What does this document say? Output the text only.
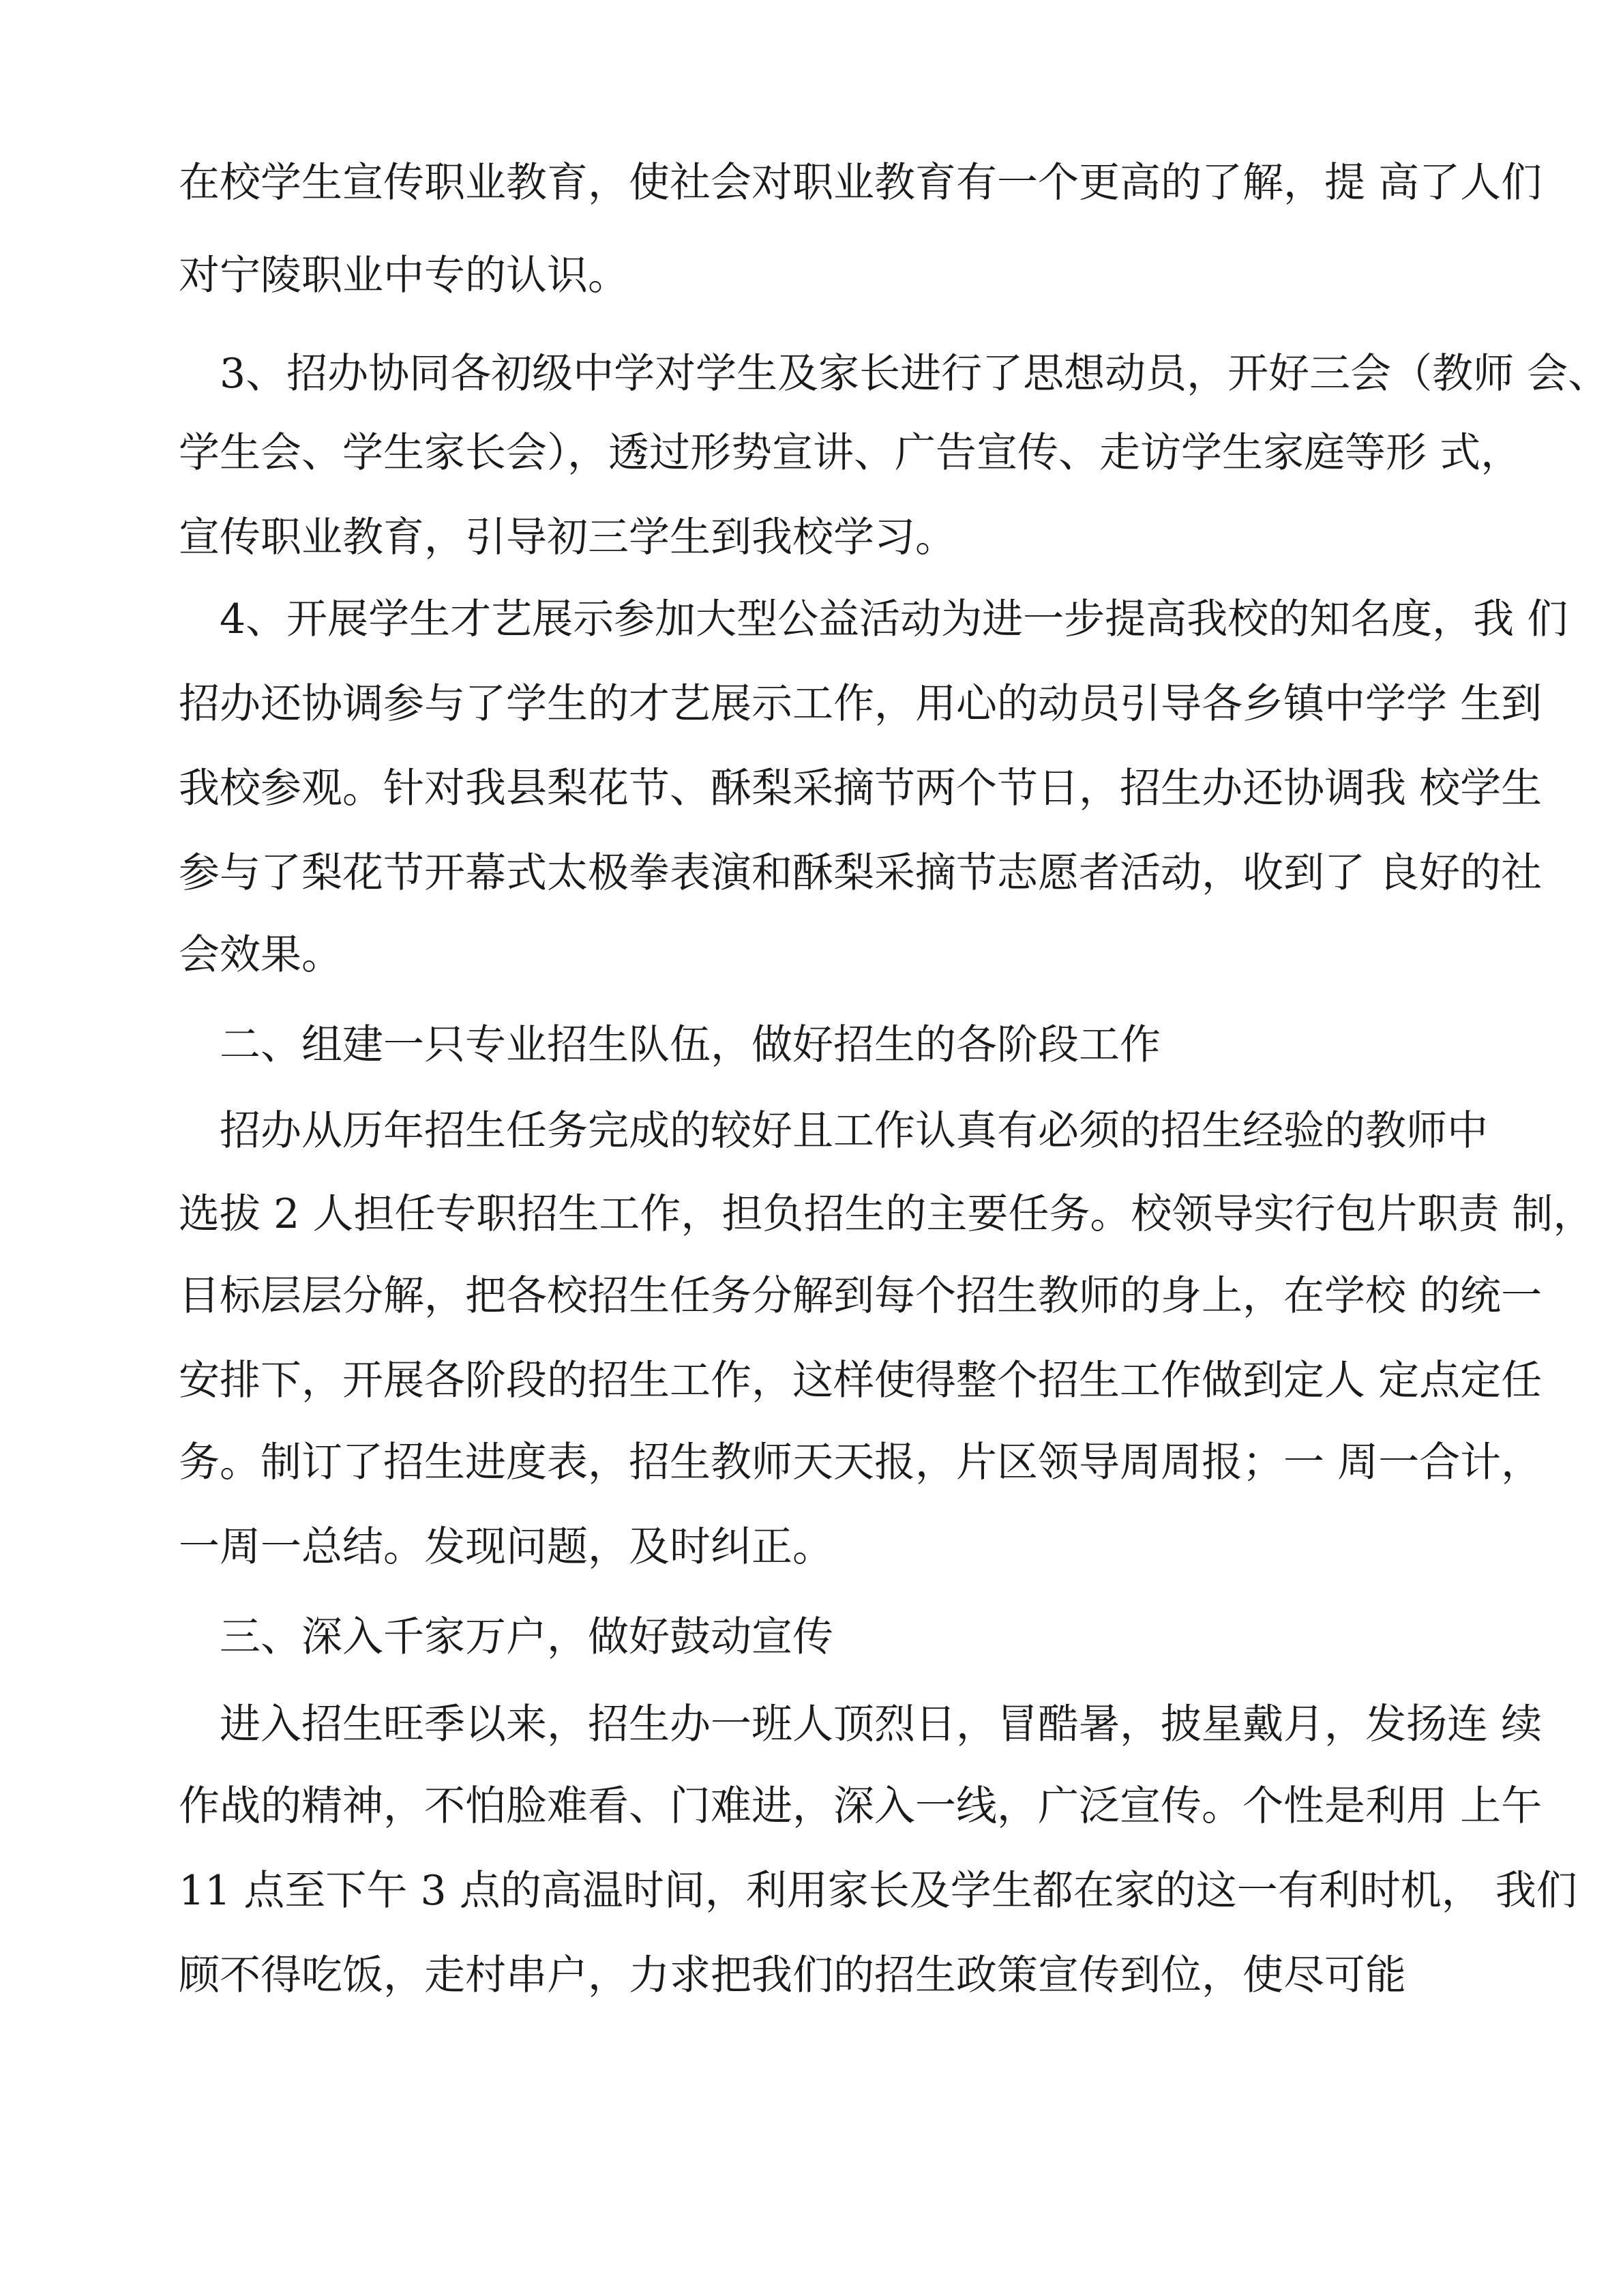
在校学生宣传职业教育，使社会对职业教育有一个更高的了解，提 高了人们

对宁陵职业中专的认识。

3、招办协同各初级中学对学生及家长进行了思想动员，开好三会（教师 会、

学生会、学生家长会），透过形势宣讲、广告宣传、走访学生家庭等形 式，

宣传职业教育，引导初三学生到我校学习。

4、开展学生才艺展示参加大型公益活动为进一步提高我校的知名度，我 们

招办还协调参与了学生的才艺展示工作，用心的动员引导各乡镇中学学 生到

我校参观。针对我县梨花节、酥梨采摘节两个节日，招生办还协调我 校学生

参与了梨花节开幕式太极拳表演和酥梨采摘节志愿者活动，收到了 良好的社

会效果。

二、组建一只专业招生队伍，做好招生的各阶段工作

招办从历年招生任务完成的较好且工作认真有必须的招生经验的教师中

选拔 2 人担任专职招生工作，担负招生的主要任务。校领导实行包片职责 制，

目标层层分解，把各校招生任务分解到每个招生教师的身上，在学校 的统一

安排下，开展各阶段的招生工作，这样使得整个招生工作做到定人 定点定任

务。制订了招生进度表，招生教师天天报，片区领导周周报；一 周一合计，

一周一总结。发现问题，及时纠正。

三、深入千家万户，做好鼓动宣传

进入招生旺季以来，招生办一班人顶烈日，冒酷暑，披星戴月，发扬连 续

作战的精神，不怕脸难看、门难进，深入一线，广泛宣传。个性是利用 上午

11 点至下午 3 点的高温时间，利用家长及学生都在家的这一有利时机， 我们

顾不得吃饭，走村串户，力求把我们的招生政策宣传到位，使尽可能
